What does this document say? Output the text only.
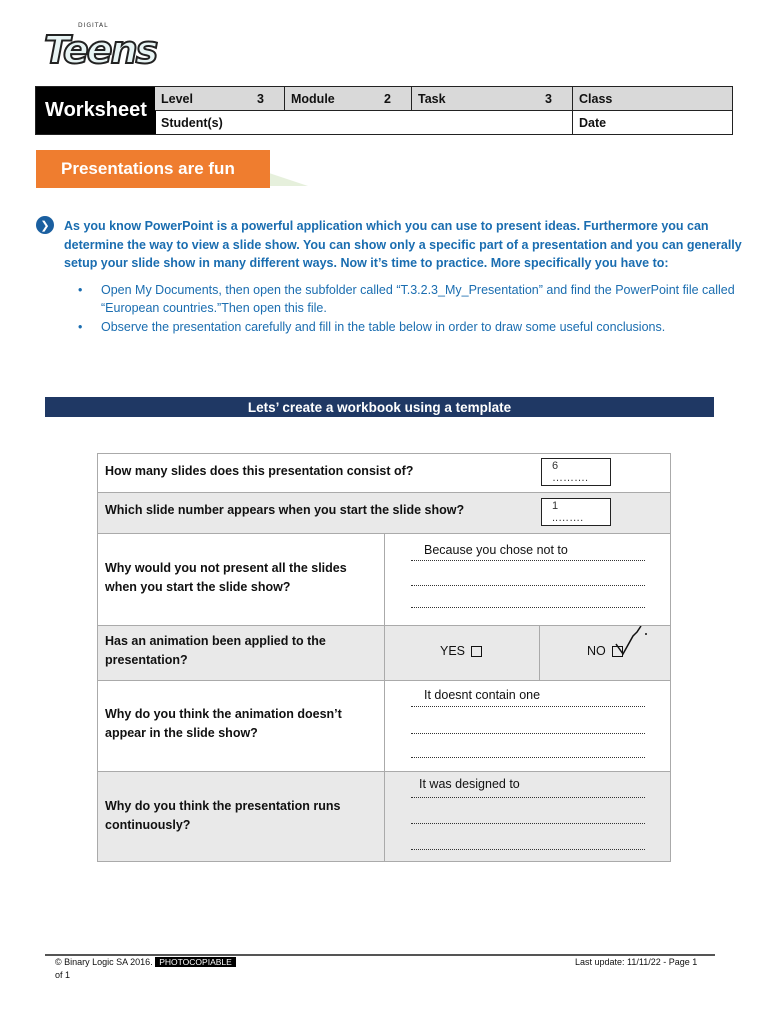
DIGITAL
Teens
Worksheet
Level	3 Module	2 Task	3 Class
Student(s)	Date
Presentations are fun
❯	As you know PowerPoint is a powerful application which you can use to present ideas. Furthermore you can determine the way to view a slide show. You can show only a specific part of a presentation and you can generally setup your slide show in many different ways. Now it’s time to practice. More specifically you have to:

• Open My Documents, then open the subfolder called “T.3.2.3_My_Presentation” and find the PowerPoint file called “European countries.”Then open this file.
• Observe the presentation carefully and fill in the table below in order to draw some useful conclusions.
Lets’ create a workbook using a template
How many slides does this presentation consist of?	6
……….
Which slide number appears when you start the slide show?	1
..…….
Why would you not present all the slides when you start the slide show?
Because you chose not to
Has an animation been applied to the presentation?
YES	NO
Why do you think the animation doesn’t appear in the slide show?
It doesnt contain one
Why do you think the presentation runs continuously?
It was designed to
© Binary Logic SA 2016. PHOTOCOPIABLE
of 1
Last update: 11/11/22 - Page 1
